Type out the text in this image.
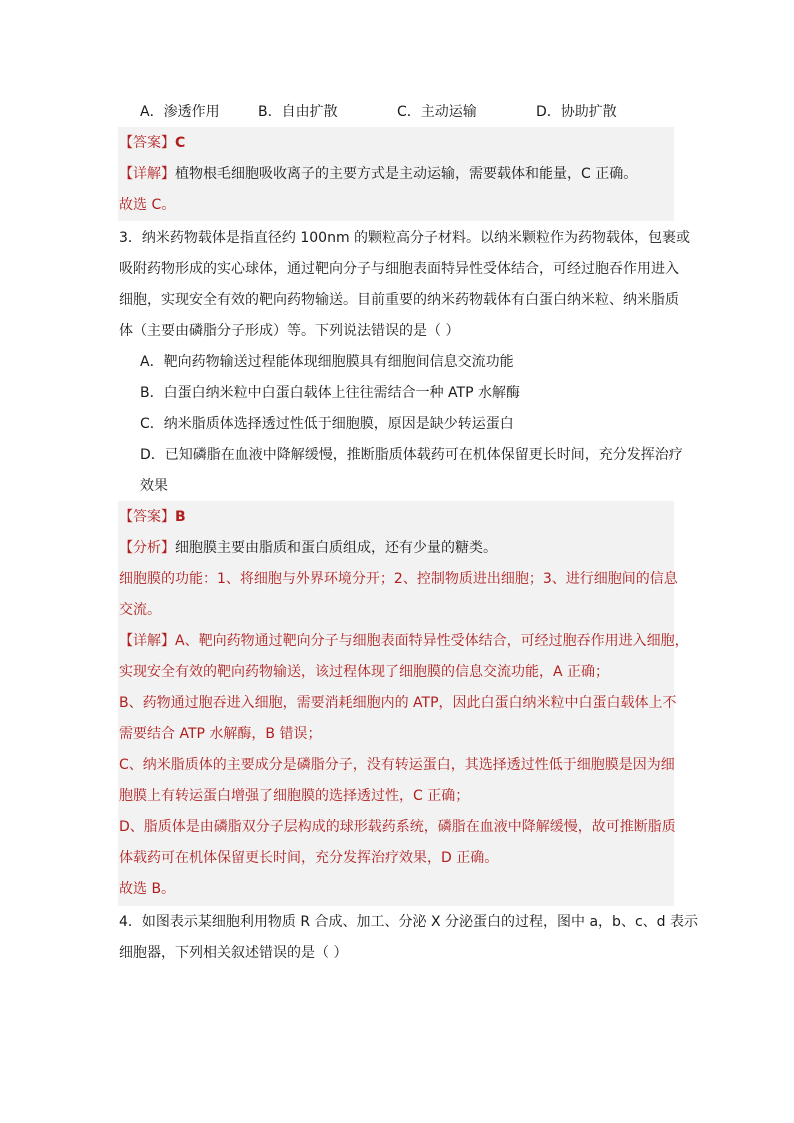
A．渗透作用	B．自由扩散	C．主动运输	D．协助扩散
【答案】C
【详解】植物根毛细胞吸收离子的主要方式是主动运输，需要载体和能量，C 正确。
故选 C。
3．纳米药物载体是指直径约 100nm 的颗粒高分子材料。以纳米颗粒作为药物载体，包裹或
吸附药物形成的实心球体，通过靶向分子与细胞表面特异性受体结合，可经过胞吞作用进入
细胞，实现安全有效的靶向药物输送。目前重要的纳米药物载体有白蛋白纳米粒、纳米脂质
体（主要由磷脂分子形成）等。下列说法错误的是（ ）
A．靶向药物输送过程能体现细胞膜具有细胞间信息交流功能
B．白蛋白纳米粒中白蛋白载体上往往需结合一种 ATP 水解酶
C．纳米脂质体选择透过性低于细胞膜，原因是缺少转运蛋白
D．已知磷脂在血液中降解缓慢，推断脂质体载药可在机体保留更长时间，充分发挥治疗
效果
【答案】B
【分析】细胞膜主要由脂质和蛋白质组成，还有少量的糖类。
细胞膜的功能：1、将细胞与外界环境分开；2、控制物质进出细胞；3、进行细胞间的信息
交流。
【详解】A、靶向药物通过靶向分子与细胞表面特异性受体结合，可经过胞吞作用进入细胞，
实现安全有效的靶向药物输送，该过程体现了细胞膜的信息交流功能，A 正确；
B、药物通过胞吞进入细胞，需要消耗细胞内的 ATP，因此白蛋白纳米粒中白蛋白载体上不
需要结合 ATP 水解酶，B 错误；
C、纳米脂质体的主要成分是磷脂分子，没有转运蛋白，其选择透过性低于细胞膜是因为细
胞膜上有转运蛋白增强了细胞膜的选择透过性，C 正确；
D、脂质体是由磷脂双分子层构成的球形载药系统，磷脂在血液中降解缓慢，故可推断脂质
体载药可在机体保留更长时间，充分发挥治疗效果，D 正确。
故选 B。
4．如图表示某细胞利用物质 R 合成、加工、分泌 X 分泌蛋白的过程，图中 a，b、c、d 表示
细胞器，下列相关叙述错误的是（ ）
